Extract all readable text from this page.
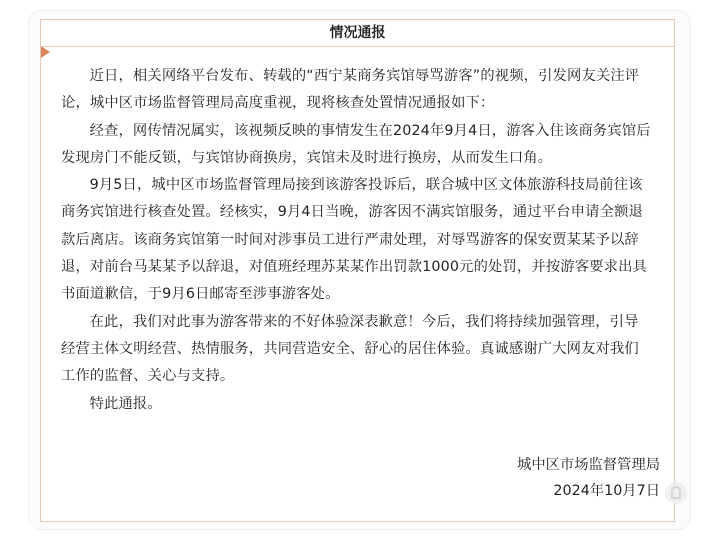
情况通报

近日，相关网络平台发布、转载的“西宁某商务宾馆辱骂游客”的视频，引发网友关注评
论，城中区市场监督管理局高度重视，现将核查处置情况通报如下：

经查，网传情况属实，该视频反映的事情发生在2024年9月4日，游客入住该商务宾馆后
发现房门不能反锁，与宾馆协商换房，宾馆未及时进行换房，从而发生口角。

9月5日，城中区市场监督管理局接到该游客投诉后，联合城中区文体旅游科技局前往该
商务宾馆进行核查处置。经核实，9月4日当晚，游客因不满宾馆服务，通过平台申请全额退
款后离店。该商务宾馆第一时间对涉事员工进行严肃处理，对辱骂游客的保安贾某某予以辞
退，对前台马某某予以辞退，对值班经理苏某某作出罚款1000元的处罚，并按游客要求出具
书面道歉信，于9月6日邮寄至涉事游客处。

在此，我们对此事为游客带来的不好体验深表歉意！今后，我们将持续加强管理，引导
经营主体文明经营、热情服务，共同营造安全、舒心的居住体验。真诚感谢广大网友对我们
工作的监督、关心与支持。

特此通报。

城中区市场监督管理局
2024年10月7日
